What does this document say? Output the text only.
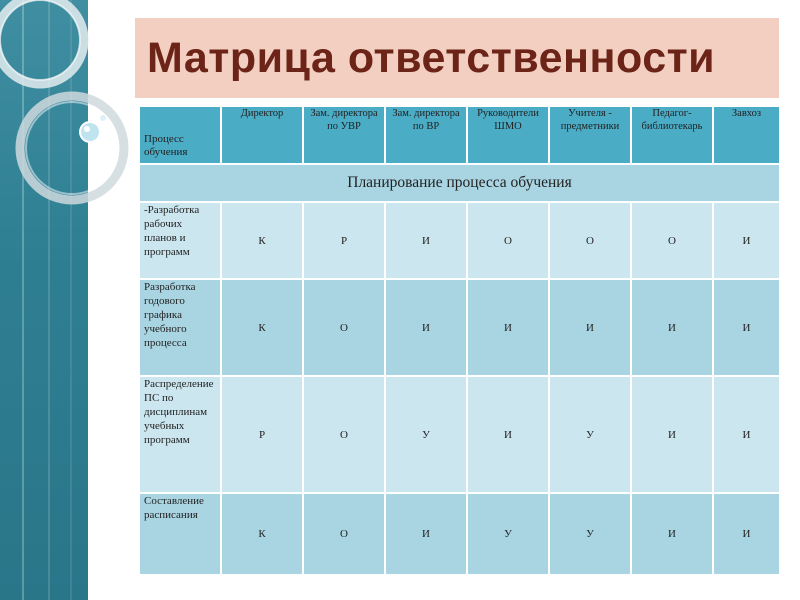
Матрица ответственности
Процесс обучения	Директор	Зам. директора по УВР	Зам. директора по ВР	Руководители ШМО	Учителя - предметники	Педагог-библиотекарь	Завхоз
Планирование процесса обучения							
-Разработка рабочих планов и программ	К	Р	И	О	О	О	И
Разработка годового графика учебного процесса	К	О	И	И	И	И	И
Распределение ПС по дисциплинам учебных программ	Р	О	У	И	У	И	И
Составление расписания	К	О	И	У	У	И	И
